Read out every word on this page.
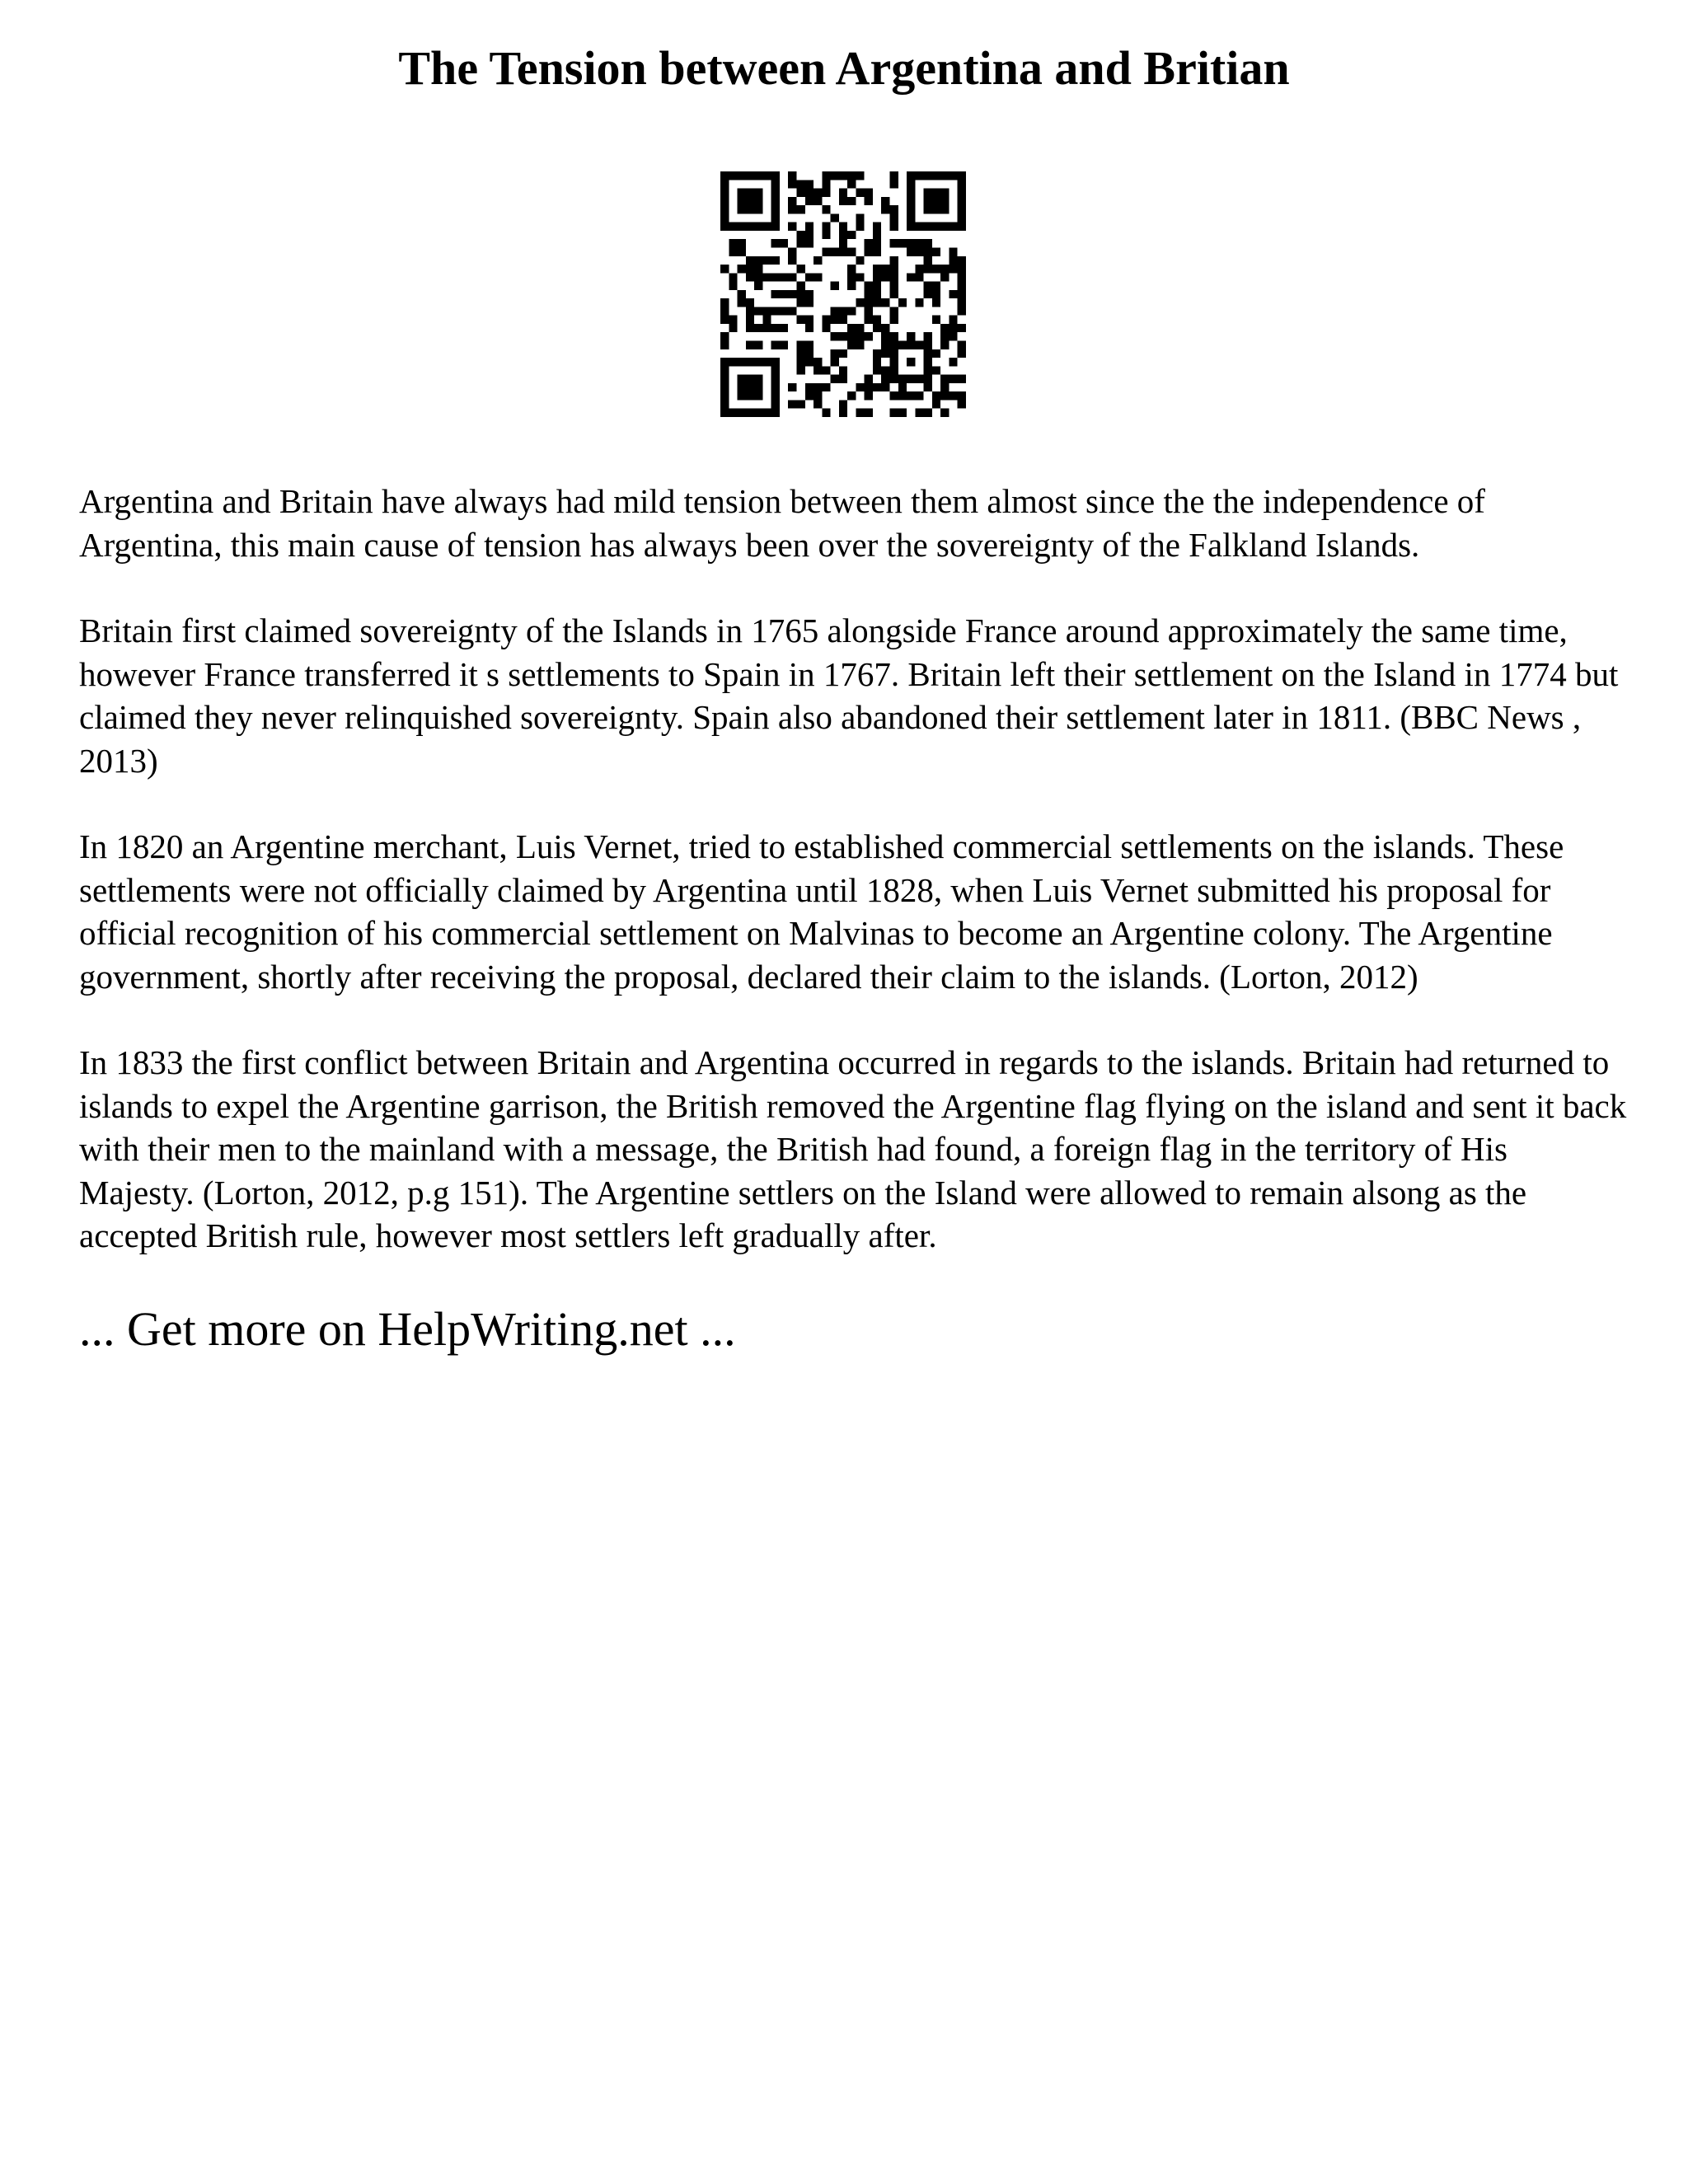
The Tension between Argentina and Britian

Argentina and Britain have always had mild tension between them almost since the the independence of Argentina, this main cause of tension has always been over the sovereignty of the Falkland Islands.

Britain first claimed sovereignty of the Islands in 1765 alongside France around approximately the same time, however France transferred it s settlements to Spain in 1767. Britain left their settlement on the Island in 1774 but claimed they never relinquished sovereignty. Spain also abandoned their settlement later in 1811. (BBC News , 2013)

In 1820 an Argentine merchant, Luis Vernet, tried to established commercial settlements on the islands. These settlements were not officially claimed by Argentina until 1828, when Luis Vernet submitted his proposal for official recognition of his commercial settlement on Malvinas to become an Argentine colony. The Argentine government, shortly after receiving the proposal, declared their claim to the islands. (Lorton, 2012)

In 1833 the first conflict between Britain and Argentina occurred in regards to the islands. Britain had returned to islands to expel the Argentine garrison, the British removed the Argentine flag flying on the island and sent it back with their men to the mainland with a message, the British had found, a foreign flag in the territory of His Majesty. (Lorton, 2012, p.g 151). The Argentine settlers on the Island were allowed to remain alsong as the accepted British rule, however most settlers left gradually after.

... Get more on HelpWriting.net ...
